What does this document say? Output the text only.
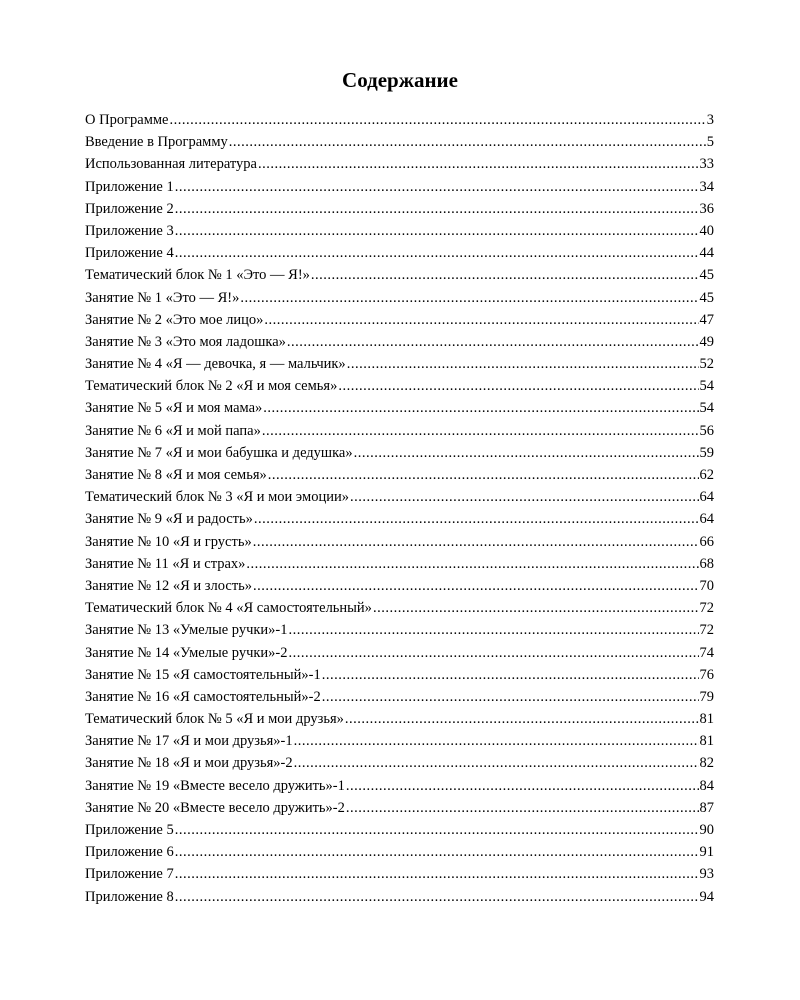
Содержание
О Программе .....	3
Введение в Программу .....	5
Использованная литература .....	33
Приложение 1 .....	34
Приложение 2 .....	36
Приложение 3 .....	40
Приложение 4 .....	44
Тематический блок № 1 «Это — Я!» .....	45
Занятие № 1 «Это — Я!» .....	45
Занятие № 2 «Это мое лицо» .....	47
Занятие № 3 «Это моя ладошка» .....	49
Занятие № 4 «Я — девочка, я — мальчик» .....	52
Тематический блок № 2 «Я и моя семья» .....	54
Занятие № 5 «Я и моя мама» .....	54
Занятие № 6 «Я и мой папа» .....	56
Занятие № 7 «Я и мои бабушка и дедушка» .....	59
Занятие № 8 «Я и моя семья» .....	62
Тематический блок № 3 «Я и мои эмоции» .....	64
Занятие № 9 «Я и радость» .....	64
Занятие № 10 «Я и грусть» .....	66
Занятие № 11 «Я и страх» .....	68
Занятие № 12 «Я и злость» .....	70
Тематический блок № 4 «Я самостоятельный» .....	72
Занятие № 13 «Умелые ручки»-1 .....	72
Занятие № 14 «Умелые ручки»-2 .....	74
Занятие № 15 «Я самостоятельный»-1 .....	76
Занятие № 16 «Я самостоятельный»-2 .....	79
Тематический блок № 5 «Я и мои друзья» .....	81
Занятие № 17 «Я и мои друзья»-1 .....	81
Занятие № 18 «Я и мои друзья»-2 .....	82
Занятие № 19 «Вместе весело дружить»-1 .....	84
Занятие № 20 «Вместе весело дружить»-2 .....	87
Приложение 5 .....	90
Приложение 6 .....	91
Приложение 7 .....	93
Приложение 8 .....	94
